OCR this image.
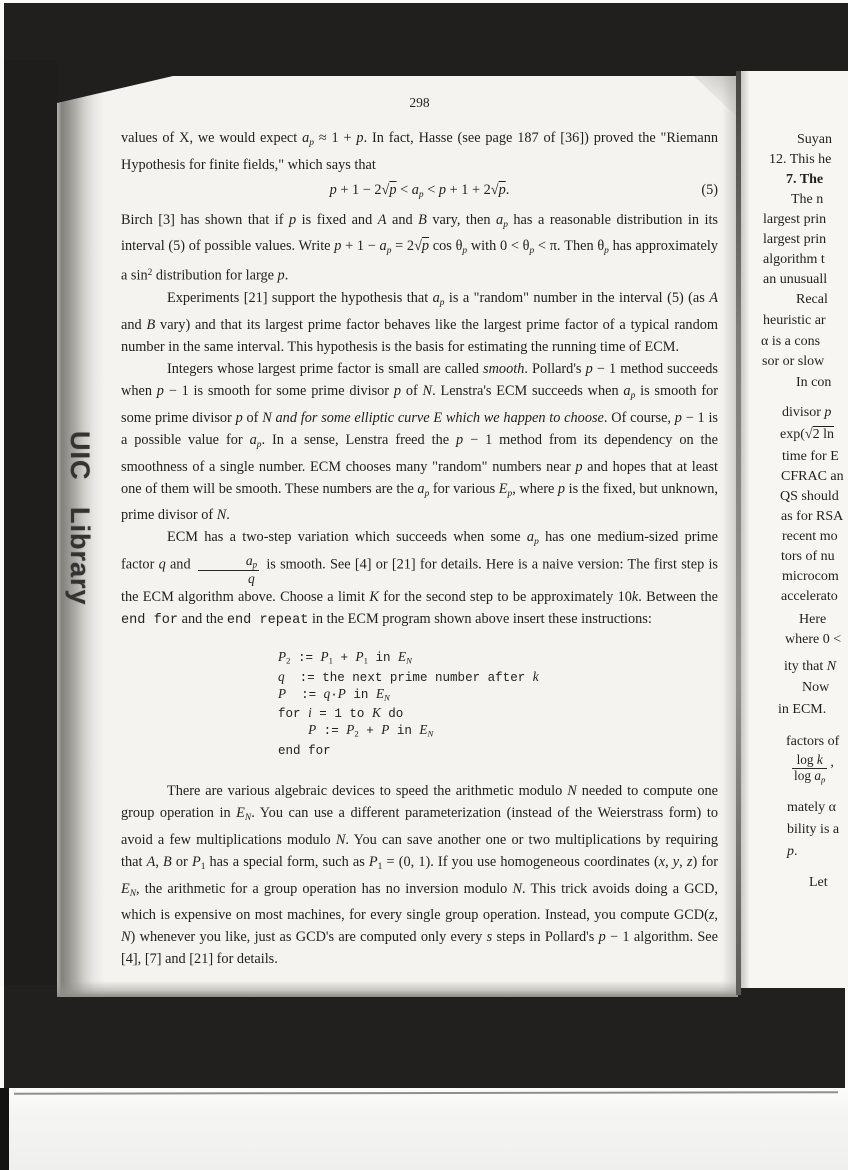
UIC Library
Suyan
12. This he
7. The
The n
largest prin
largest prin
algorithm t
an unusuall
Recal
heuristic ar
α is a cons
sor or slow
In con
divisor p
exp(√2 ln
time for E
CFRAC an
QS should
as for RSA
recent mo
tors of nu
microcom
accelerato
Here
where 0 <
ity that N
Now
in ECM.
factors of
$\frac{\text{log k}}{\log a_p}$ ,
mately α
bility is a
p.
Let
298

values of X, we would expect $a_p \approx 1 + p$. In fact, Hasse (see page 187 of [36]) proved the "Riemann Hypothesis for finite fields," which says that

$p + 1 - 2√p < a_p < p + 1 + 2√p$.	(5)

Birch [3] has shown that if p is fixed and A and B vary, then $a_p$ has a reasonable distribution in its interval (5) of possible values. Write $p + 1 - a_p = 2√p$ $\cos \theta_p$ with $0 < \theta_p < \pi$. Then $\theta_p$ has approximately a $\sin^2$ distribution for large p.

Experiments [21] support the hypothesis that $a_p$ is a "random" number in the interval (5) (as A and B vary) and that its largest prime factor behaves like the largest prime factor of a typical random number in the same interval. This hypothesis is the basis for estimating the running time of ECM.

Integers whose largest prime factor is small are called smooth. Pollard's p − 1 method succeeds when p − 1 is smooth for some prime divisor p of N. Lenstra's ECM succeeds when $a_p$ is smooth for some prime divisor p of N and for some elliptic curve E which we happen to choose. Of course, p − 1 is a possible value for $a_p$. In a sense, Lenstra freed the p − 1 method from its dependency on the smoothness of a single number. ECM chooses many "random" numbers near p and hopes that at least one of them will be smooth. These numbers are the $a_p$ for various $E_p$, where p is the fixed, but unknown, prime divisor of N.

ECM has a two-step variation which succeeds when some $a_p$ has one medium-sized prime factor q and $\frac{a_p}{q}$ is smooth. See [4] or [21] for details. Here is a naive version: The first step is the ECM algorithm above. Choose a limit K for the second step to be approximately 10k. Between the end for and the end repeat in the ECM program shown above insert these instructions:

$P_2$ := $P_1 + P_1$ in $E_N$
q  := the next prime number after k
P  := q·P in $E_N$
for i = 1 to K do
P := $P_2 + P$ in $E_N$
end for

There are various algebraic devices to speed the arithmetic modulo N needed to compute one group operation in $E_N$. You can use a different parameterization (instead of the Weierstrass form) to avoid a few multiplications modulo N. You can save another one or two multiplications by requiring that A, B or $P_1$ has a special form, such as $P_1 = (0$, 1). If you use homogeneous coordinates (x, y, z) for $E_N$, the arithmetic for a group operation has no inversion modulo N. This trick avoids doing a GCD, which is expensive on most machines, for every single group operation. Instead, you compute GCD(z, N) whenever you like, just as GCD's are computed only every s steps in Pollard's p − 1 algorithm. See [4], [7] and [21] for details.
